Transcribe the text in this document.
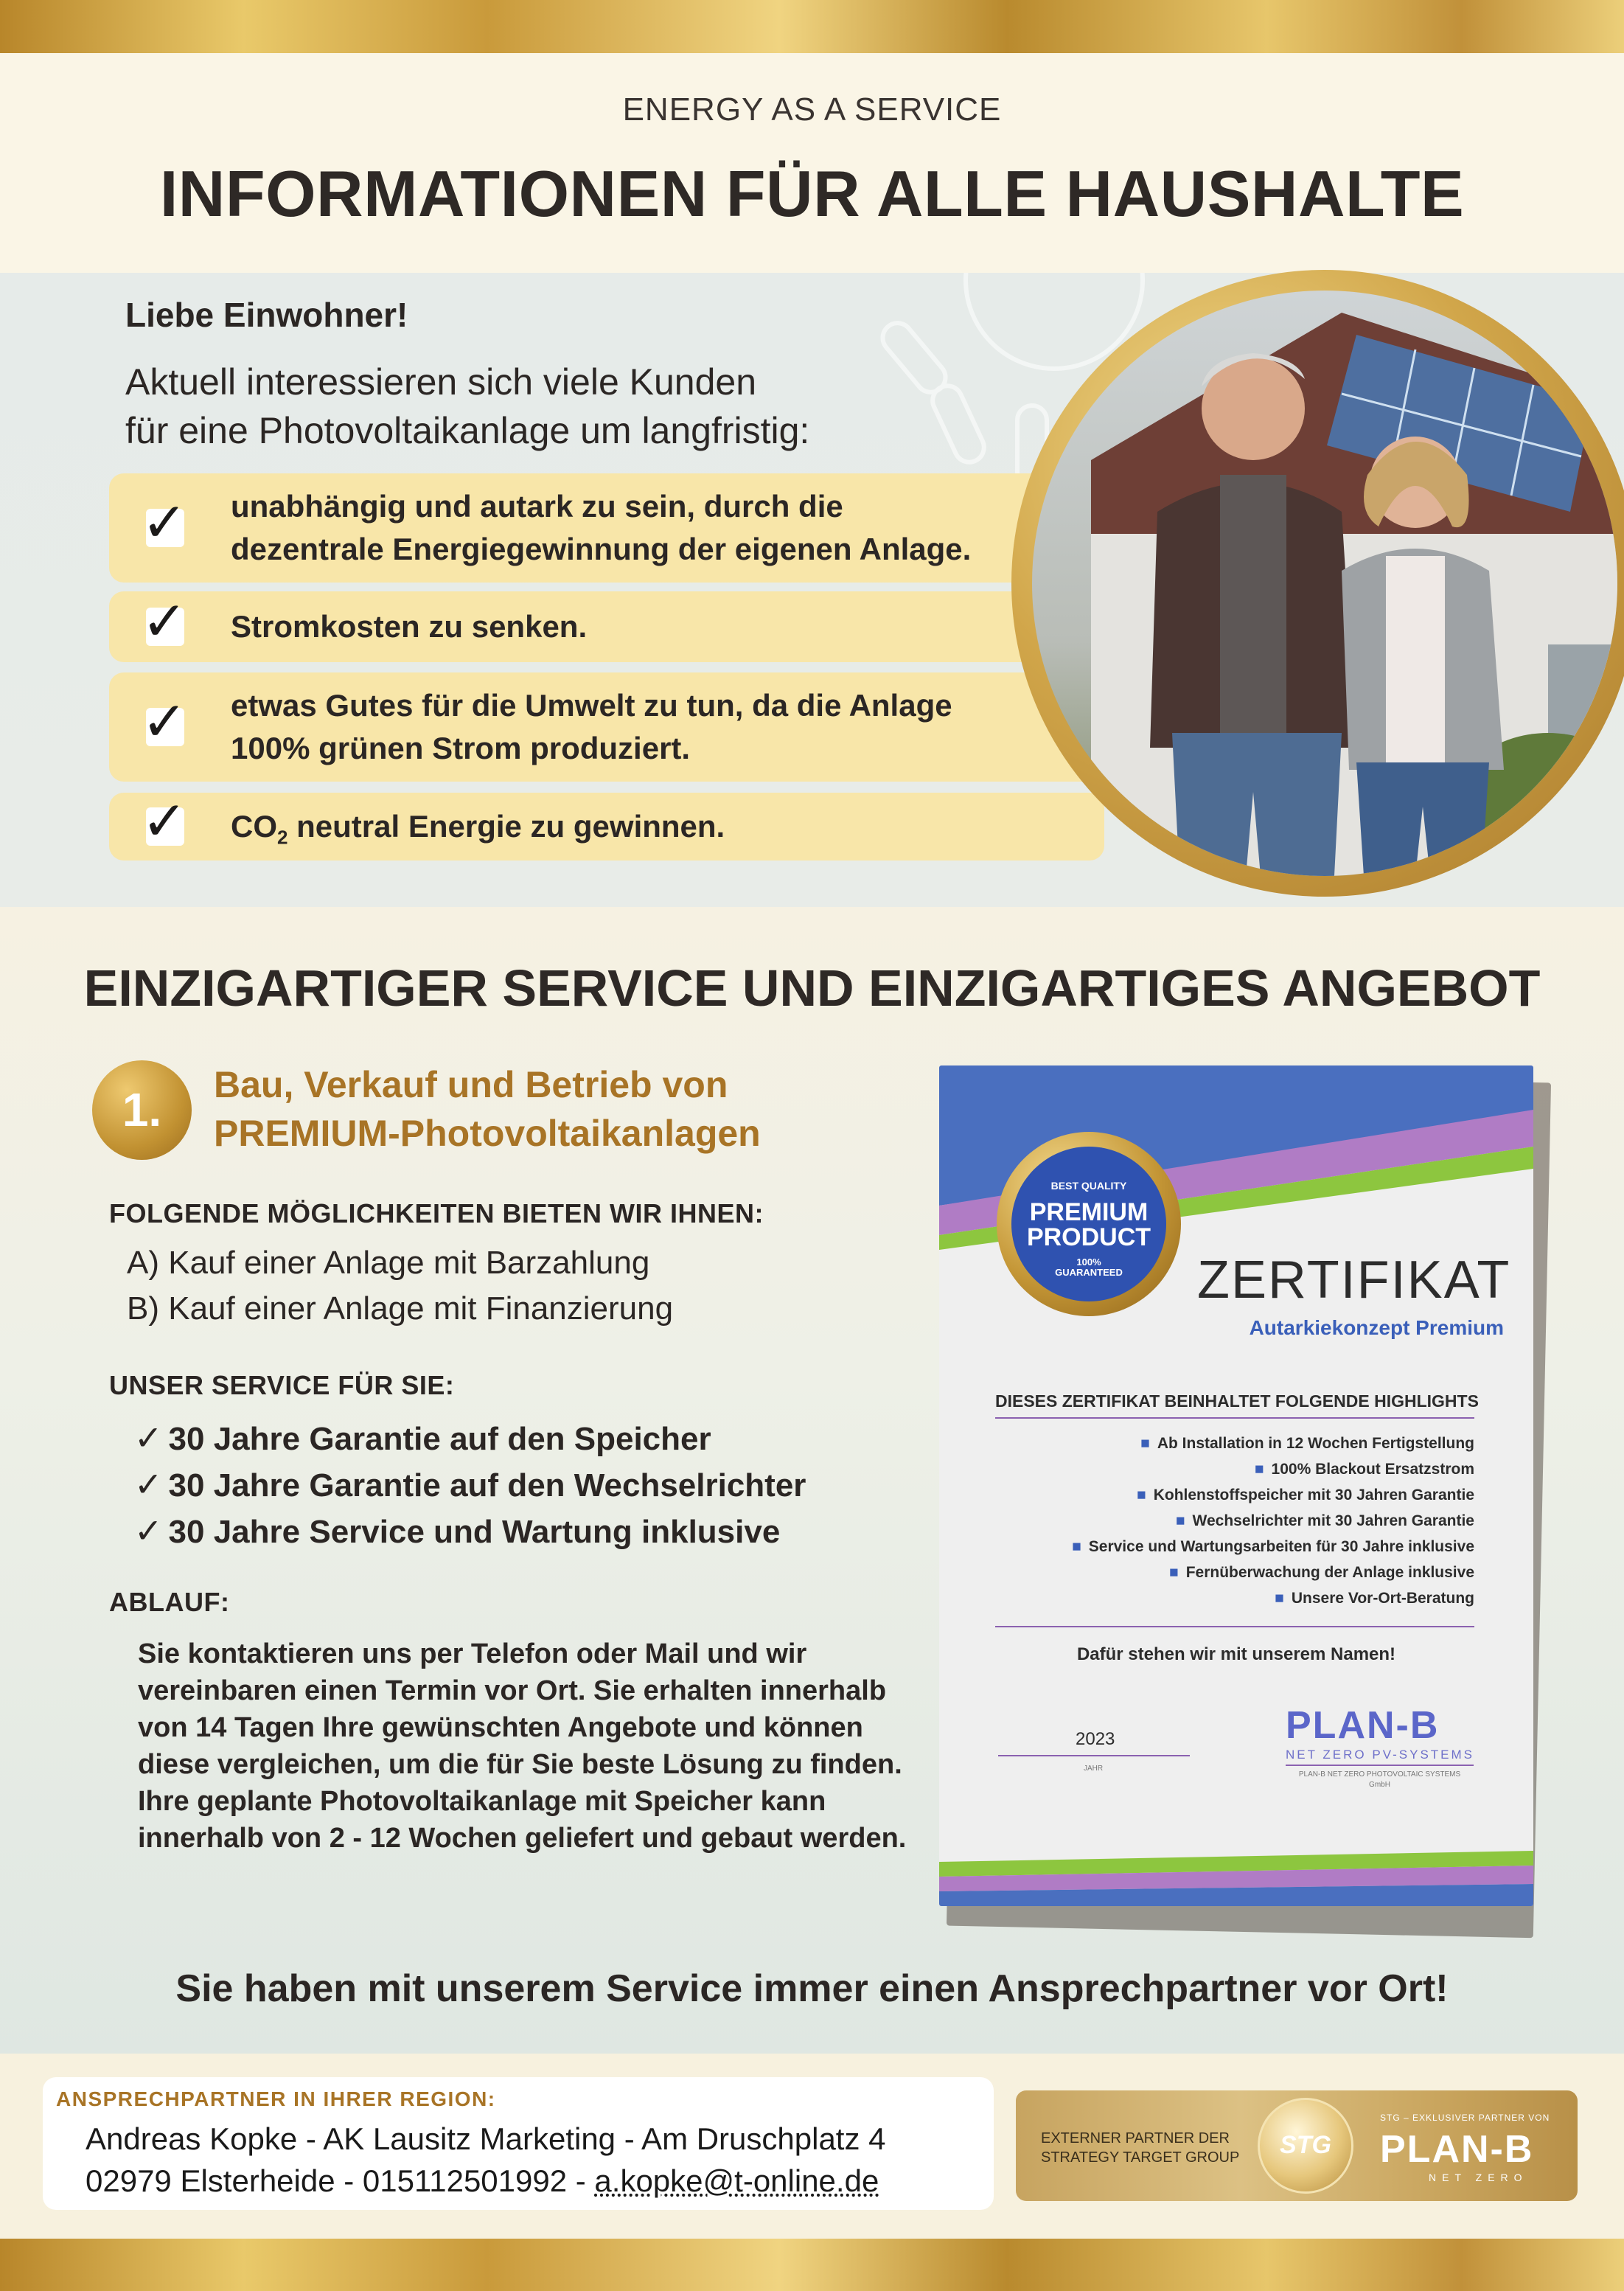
ENERGY AS A SERVICE
INFORMATIONEN FÜR ALLE HAUSHALTE
Liebe Einwohner!
Aktuell interessieren sich viele Kunden
für eine Photovoltaikanlage um langfristig:
✓ unabhängig und autark zu sein, durch die
dezentrale Energiegewinnung der eigenen Anlage.
✓ Stromkosten zu senken.
✓ etwas Gutes für die Umwelt zu tun, da die Anlage
100% grünen Strom produziert.
✓ $CO_2$ neutral Energie zu gewinnen.
EINZIGARTIGER SERVICE UND EINZIGARTIGES ANGEBOT
1.	Bau, Verkauf und Betrieb von
PREMIUM-Photovoltaikanlagen
FOLGENDE MÖGLICHKEITEN BIETEN WIR IHNEN:
A) Kauf einer Anlage mit Barzahlung
B) Kauf einer Anlage mit Finanzierung
UNSER SERVICE FÜR SIE:
✓ 30 Jahre Garantie auf den Speicher
✓ 30 Jahre Garantie auf den Wechselrichter
✓ 30 Jahre Service und Wartung inklusive
ABLAUF:
Sie kontaktieren uns per Telefon oder Mail und wir vereinbaren einen Termin vor Ort. Sie erhalten innerhalb von 14 Tagen Ihre gewünschten Angebote und können diese vergleichen, um die für Sie beste Lösung zu finden. Ihre geplante Photovoltaikanlage mit Speicher kann innerhalb von 2 - 12 Wochen geliefert und gebaut werden.
BEST QUALITY
PREMIUM
PRODUCT
100%
GUARANTEED	ZERTIFIKAT
Autarkiekonzept Premium
DIESES ZERTIFIKAT BEINHALTET FOLGENDE HIGHLIGHTS
■ Ab Installation in 12 Wochen Fertigstellung
■ 100% Blackout Ersatzstrom
■ Kohlenstoffspeicher mit 30 Jahren Garantie
■ Wechselrichter mit 30 Jahren Garantie
■ Service und Wartungsarbeiten für 30 Jahre inklusive
■ Fernüberwachung der Anlage inklusive
■ Unsere Vor-Ort-Beratung
Dafür stehen wir mit unserem Namen!
2023
JAHR
PLAN-B
NET ZERO PV-SYSTEMS
PLAN-B NET ZERO PHOTOVOLTAIC SYSTEMS
GmbH
Sie haben mit unserem Service immer einen Ansprechpartner vor Ort!
ANSPRECHPARTNER IN IHRER REGION:
Andreas Kopke - AK Lausitz Marketing - Am Druschplatz 4
02979 Elsterheide - 015112501992 - a.kopke@t-online.de
EXTERNER PARTNER DER
STRATEGY TARGET GROUP	STG
STG – EXKLUSIVER PARTNER VON
PLAN-B
NET ZERO
